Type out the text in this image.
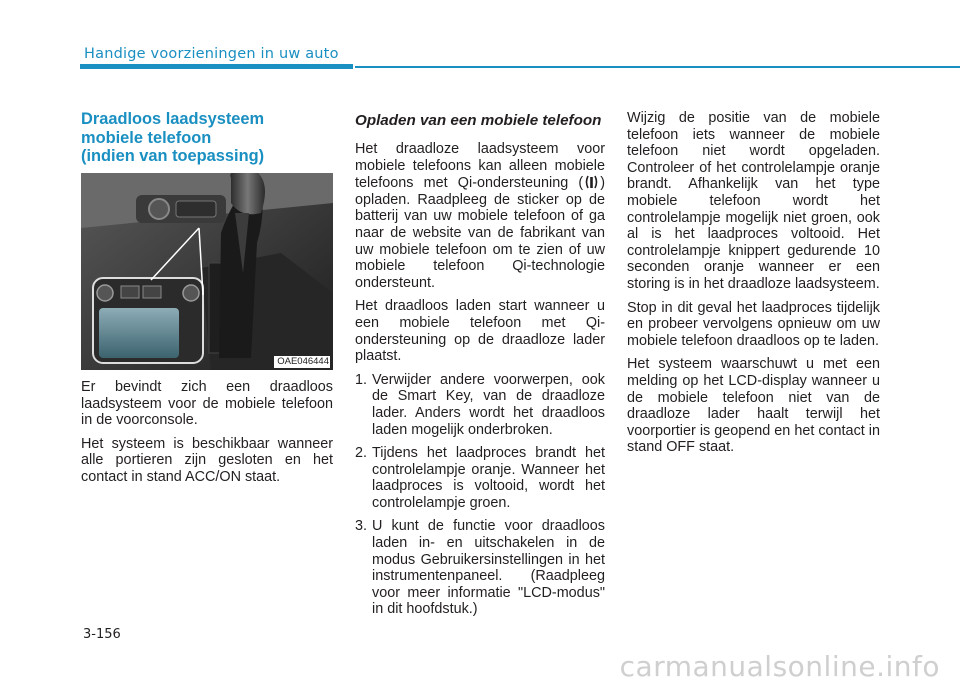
Handige voorzieningen in uw auto
Draadloos laadsysteem
mobiele telefoon
(indien van toepassing)
OAE046444

Er bevindt zich een draadloos laadsysteem voor de mobiele telefoon in de voorconsole.

Het systeem is beschikbaar wanneer alle portieren zijn gesloten en het contact in stand ACC/ON staat.

Opladen van een mobiele telefoon

Het draadloze laadsysteem voor mobiele telefoons kan alleen mobiele telefoons met Qi-ondersteuning ( ) opladen. Raadpleeg de sticker op de batterij van uw mobiele telefoon of ga naar de website van de fabrikant van uw mobiele telefoon om te zien of uw mobiele telefoon Qi-technologie ondersteunt.

Het draadloos laden start wanneer u een mobiele telefoon met Qi-ondersteuning op de draadloze lader plaatst.

1. Verwijder andere voorwerpen, ook de Smart Key, van de draadloze lader. Anders wordt het draadloos laden mogelijk onderbroken.
2. Tijdens het laadproces brandt het controlelampje oranje. Wanneer het laadproces is voltooid, wordt het controlelampje groen.
3. U kunt de functie voor draadloos laden in- en uitschakelen in de modus Gebruikersinstellingen in het instrumentenpaneel. (Raadpleeg voor meer informatie "LCD-modus" in dit hoofdstuk.)

Wijzig de positie van de mobiele telefoon iets wanneer de mobiele telefoon niet wordt opgeladen. Controleer of het controlelampje oranje brandt. Afhankelijk van het type mobiele telefoon wordt het controlelampje mogelijk niet groen, ook al is het laadproces voltooid. Het controlelampje knippert gedurende 10 seconden oranje wanneer er een storing is in het draadloze laadsysteem.

Stop in dit geval het laadproces tijdelijk en probeer vervolgens opnieuw om uw mobiele telefoon draadloos op te laden.

Het systeem waarschuwt u met een melding op het LCD-display wanneer u de mobiele telefoon niet van de draadloze lader haalt terwijl het voorportier is geopend en het contact in stand OFF staat.

3-156
carmanualsonline.info
